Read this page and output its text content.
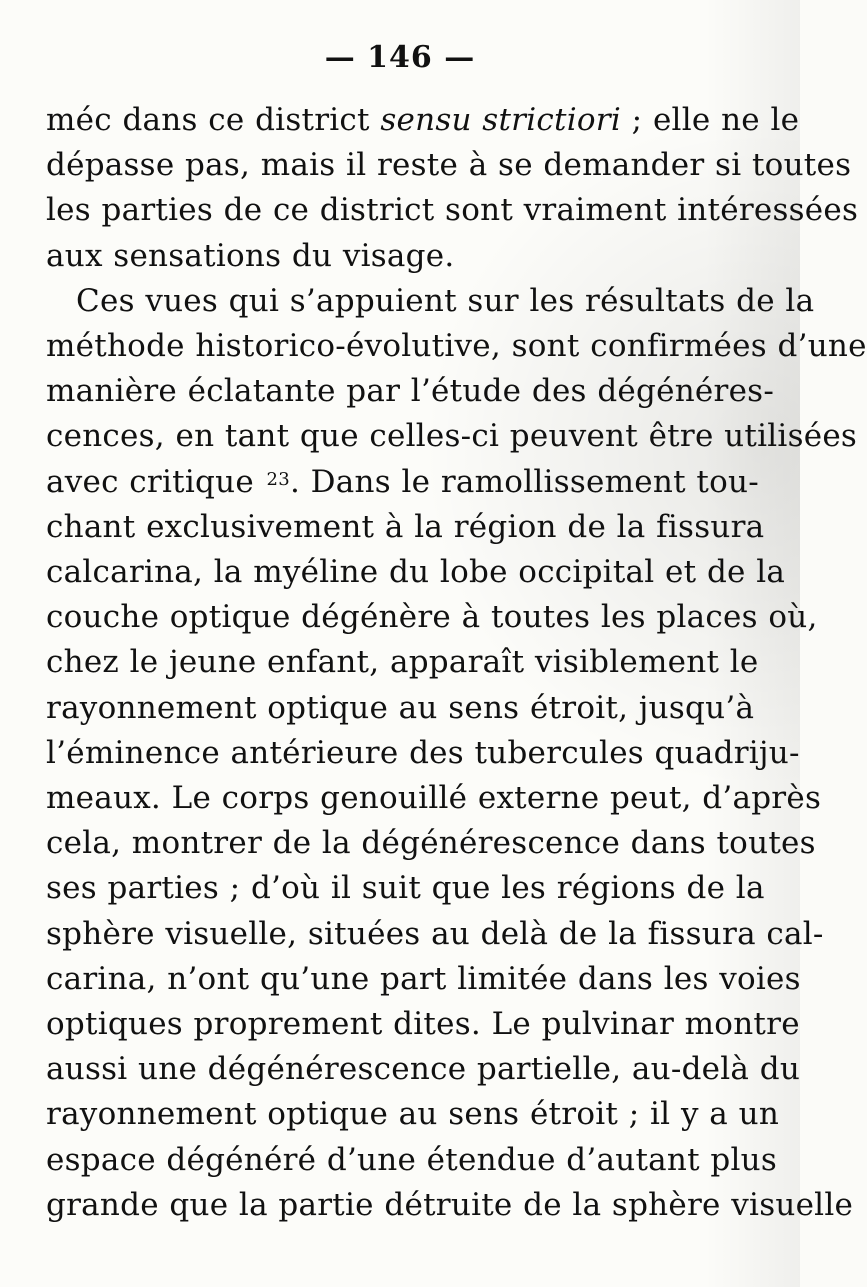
— 146 —
méc dans ce district sensu strictiori ; elle ne le
dépasse pas, mais il reste à se demander si toutes
les parties de ce district sont vraiment intéressées
aux sensations du visage.
Ces vues qui s’appuient sur les résultats de la
méthode historico-évolutive, sont confirmées d’une
manière éclatante par l’étude des dégénéres-
cences, en tant que celles-ci peuvent être utilisées
avec critique $^{23}$. Dans le ramollissement tou-
chant exclusivement à la région de la fissura
calcarina, la myéline du lobe occipital et de la
couche optique dégénère à toutes les places où,
chez le jeune enfant, apparaît visiblement le
rayonnement optique au sens étroit, jusqu’à
l’éminence antérieure des tubercules quadriju-
meaux. Le corps genouillé externe peut, d’après
cela, montrer de la dégénérescence dans toutes
ses parties ; d’où il suit que les régions de la
sphère visuelle, situées au delà de la fissura cal-
carina, n’ont qu’une part limitée dans les voies
optiques proprement dites. Le pulvinar montre
aussi une dégénérescence partielle, au-delà du
rayonnement optique au sens étroit ; il y a un
espace dégénéré d’une étendue d’autant plus
grande que la partie détruite de la sphère visuelle
